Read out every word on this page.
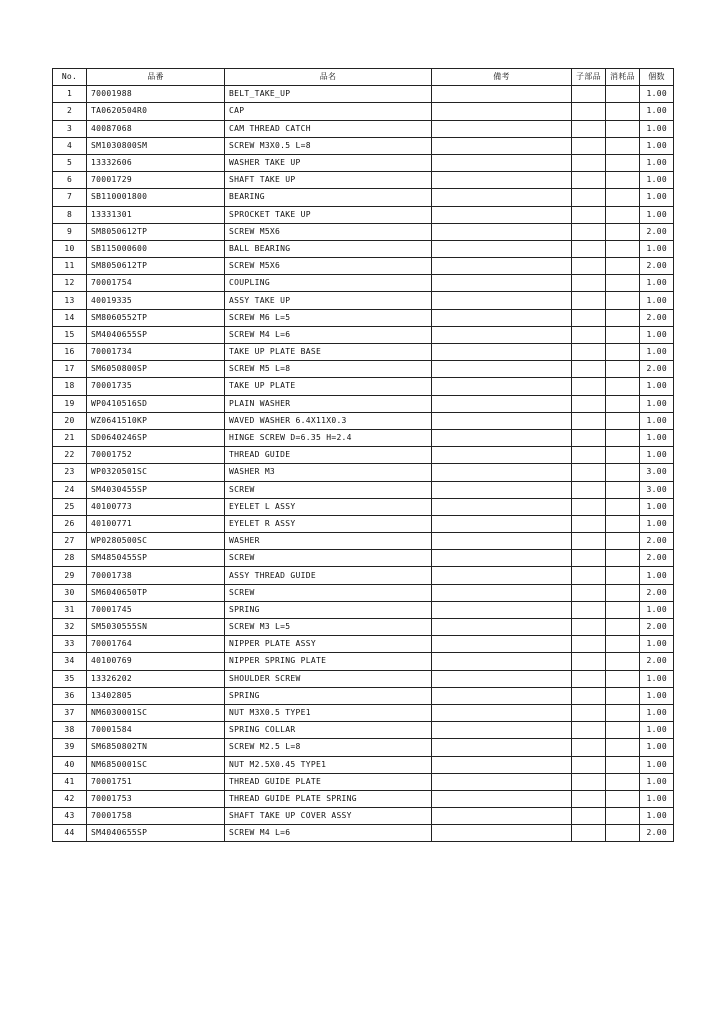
No.	品番	品名	備考	子部品	消耗品	個数
1	70001988	BELT_TAKE_UP				1.00
2	TA0620504R0	CAP				1.00
3	40087068	CAM THREAD CATCH				1.00
4	SM1030800SM	SCREW M3X0.5 L=8				1.00
5	13332606	WASHER TAKE UP				1.00
6	70001729	SHAFT TAKE UP				1.00
7	SB110001800	BEARING				1.00
8	13331301	SPROCKET TAKE UP				1.00
9	SM8050612TP	SCREW M5X6				2.00
10	SB115000600	BALL BEARING				1.00
11	SM8050612TP	SCREW M5X6				2.00
12	70001754	COUPLING				1.00
13	40019335	ASSY TAKE UP				1.00
14	SM8060552TP	SCREW M6 L=5				2.00
15	SM4040655SP	SCREW M4 L=6				1.00
16	70001734	TAKE UP PLATE BASE				1.00
17	SM6050800SP	SCREW M5 L=8				2.00
18	70001735	TAKE UP PLATE				1.00
19	WP0410516SD	PLAIN WASHER				1.00
20	WZ0641510KP	WAVED WASHER 6.4X11X0.3				1.00
21	SD0640246SP	HINGE SCREW D=6.35 H=2.4				1.00
22	70001752	THREAD GUIDE				1.00
23	WP0320501SC	WASHER M3				3.00
24	SM4030455SP	SCREW				3.00
25	40100773	EYELET L ASSY				1.00
26	40100771	EYELET R ASSY				1.00
27	WP0280500SC	WASHER				2.00
28	SM4850455SP	SCREW				2.00
29	70001738	ASSY THREAD GUIDE				1.00
30	SM6040650TP	SCREW				2.00
31	70001745	SPRING				1.00
32	SM5030555SN	SCREW M3 L=5				2.00
33	70001764	NIPPER PLATE ASSY				1.00
34	40100769	NIPPER SPRING PLATE				2.00
35	13326202	SHOULDER SCREW				1.00
36	13402805	SPRING				1.00
37	NM6030001SC	NUT M3X0.5 TYPE1				1.00
38	70001584	SPRING COLLAR				1.00
39	SM6850802TN	SCREW M2.5 L=8				1.00
40	NM6850001SC	NUT M2.5X0.45 TYPE1				1.00
41	70001751	THREAD GUIDE PLATE				1.00
42	70001753	THREAD GUIDE PLATE SPRING				1.00
43	70001758	SHAFT TAKE UP COVER ASSY				1.00
44	SM4040655SP	SCREW M4 L=6				2.00
